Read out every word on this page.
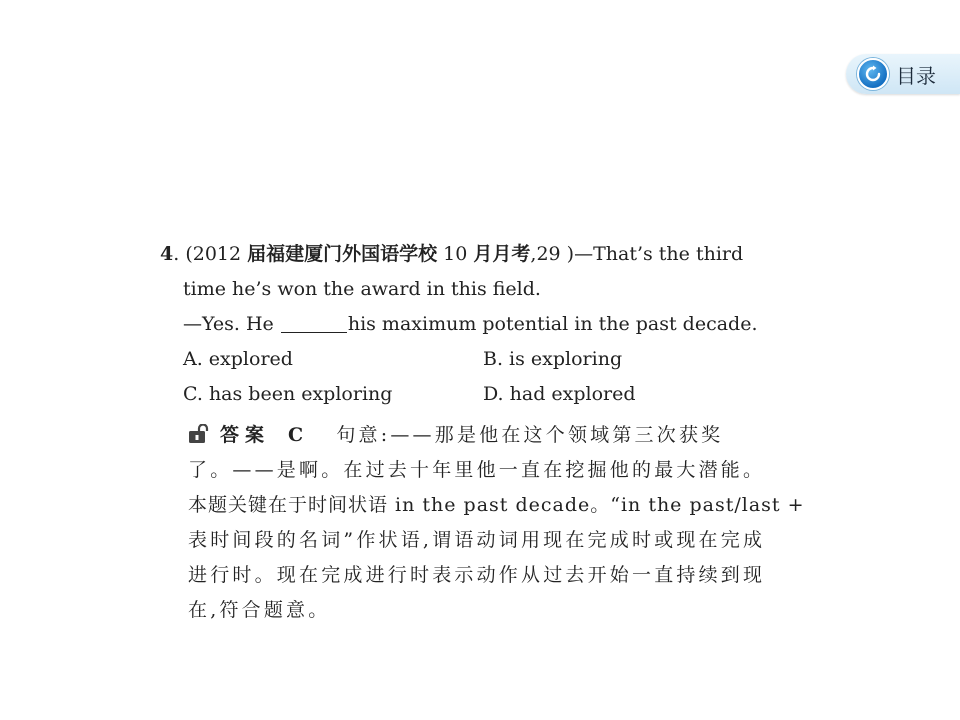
目录
4. (2012 届福建厦门外国语学校 10 月月考,29 )—That’s the third
time he’s won the award in this field.
—Yes. He	his maximum potential in the past decade.
A. explored	B. is exploring
C. has been exploring	D. had explored
答案 C 句意:——那是他在这个领域第三次获奖
了。——是啊。在过去十年里他一直在挖掘他的最大潜能。
本题关键在于时间状语 in the past decade。“in the past/last +
表时间段的名词”作状语,谓语动词用现在完成时或现在完成
进行时。现在完成进行时表示动作从过去开始一直持续到现
在,符合题意。
